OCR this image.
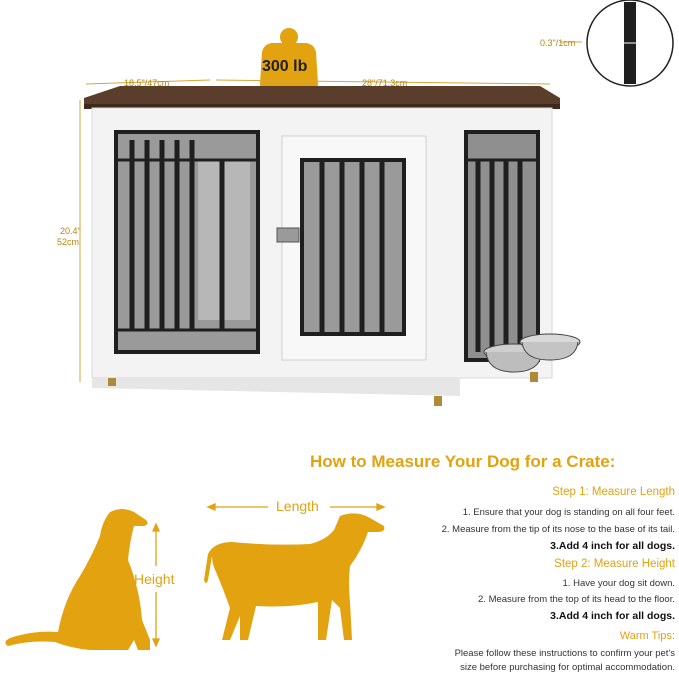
300 lb
18.5"/47cm	28"/71.3cm
20.4"
52cm
0.3"/1cm
How to Measure Your Dog for a Crate:
Step 1: Measure Length
1. Ensure that your dog is standing on all four feet.
2. Measure from the tip of its nose to the base of its tail.
3.Add 4 inch for all dogs.
Step 2: Measure Height
1. Have your dog sit down.
2. Measure from the top of its head to the floor.
3.Add 4 inch for all dogs.
Warm Tips:
Please follow these instructions to confirm your pet's
size before purchasing for optimal accommodation.
Length
Height
